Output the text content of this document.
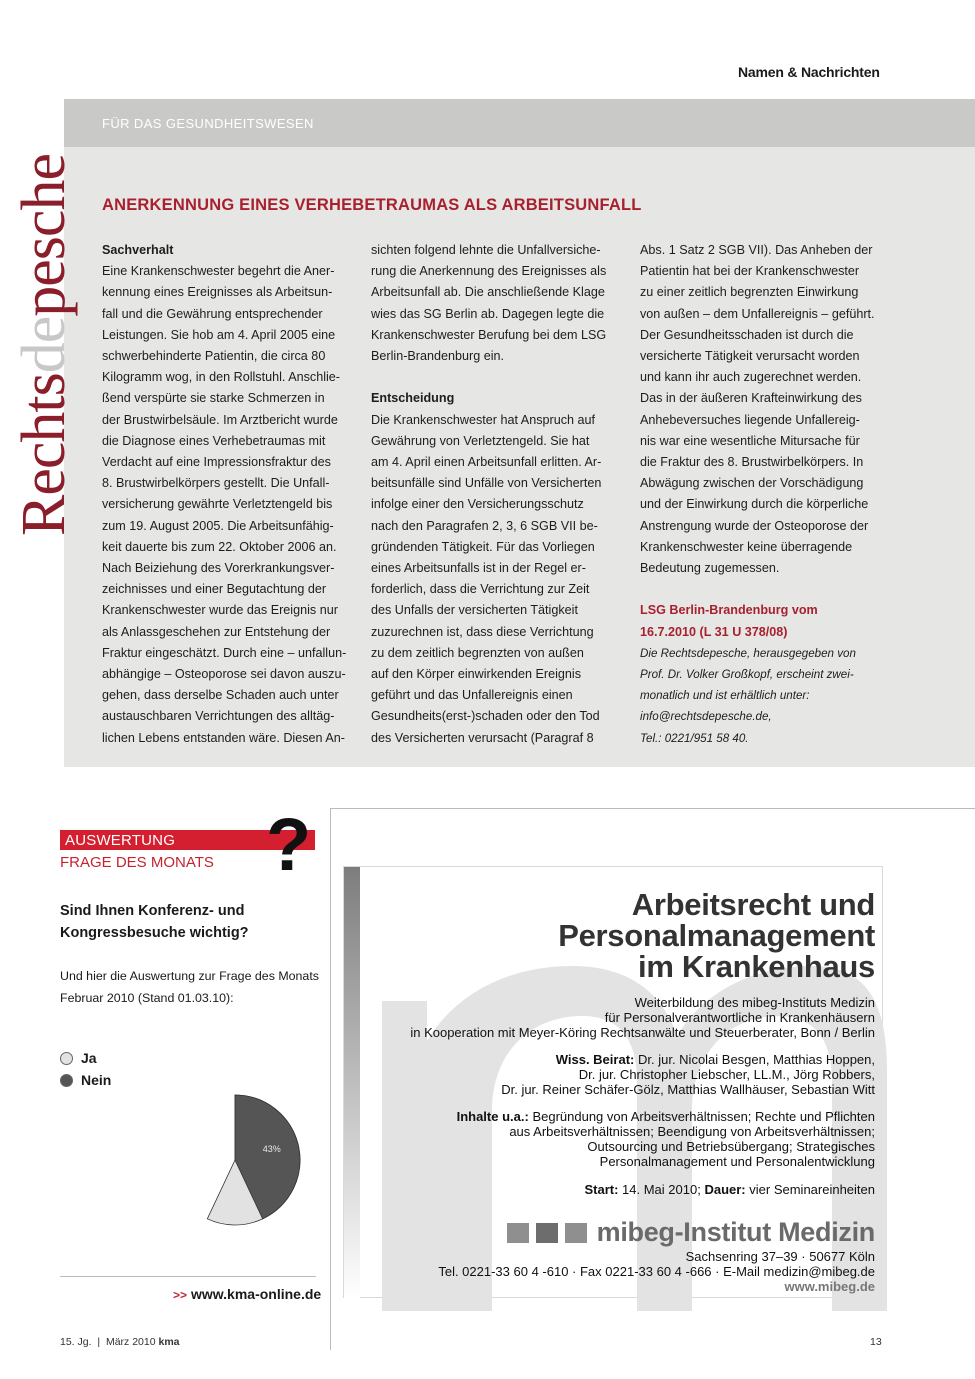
Namen & Nachrichten
FÜR DAS GESUNDHEITSWESEN
Rechtsdepesche ANERKENNUNG EINES VERHEBETRAUMAS ALS ARBEITSUNFALL
Sachverhalt
Eine Krankenschwester begehrt die Aner-
kennung eines Ereignisses als Arbeitsun-
fall und die Gewährung entsprechender
Leistungen. Sie hob am 4. April 2005 eine
schwerbehinderte Patientin, die circa 80
Kilogramm wog, in den Rollstuhl. Anschlie-
ßend verspürte sie starke Schmerzen in
der Brustwirbelsäule. Im Arztbericht wurde
die Diagnose eines Verhebetraumas mit
Verdacht auf eine Impressionsfraktur des
8. Brustwirbelkörpers gestellt. Die Unfall-
versicherung gewährte Verletztengeld bis
zum 19. August 2005. Die Arbeitsunfähig-
keit dauerte bis zum 22. Oktober 2006 an.
Nach Beiziehung des Vorerkrankungsver-
zeichnisses und einer Begutachtung der
Krankenschwester wurde das Ereignis nur
als Anlassgeschehen zur Entstehung der
Fraktur eingeschätzt. Durch eine – unfallun-
abhängige – Osteoporose sei davon auszu-
gehen, dass derselbe Schaden auch unter
austauschbaren Verrichtungen des alltäg-
lichen Lebens entstanden wäre. Diesen An-
sichten folgend lehnte die Unfallversiche-
rung die Anerkennung des Ereignisses als
Arbeitsunfall ab. Die anschließende Klage
wies das SG Berlin ab. Dagegen legte die
Krankenschwester Berufung bei dem LSG
Berlin-Brandenburg ein.
Entscheidung
Die Krankenschwester hat Anspruch auf
Gewährung von Verletztengeld. Sie hat
am 4. April einen Arbeitsunfall erlitten. Ar-
beitsunfälle sind Unfälle von Versicherten
infolge einer den Versicherungsschutz
nach den Paragrafen 2, 3, 6 SGB VII be-
gründenden Tätigkeit. Für das Vorliegen
eines Arbeitsunfalls ist in der Regel er-
forderlich, dass die Verrichtung zur Zeit
des Unfalls der versicherten Tätigkeit
zuzurechnen ist, dass diese Verrichtung
zu dem zeitlich begrenzten von außen
auf den Körper einwirkenden Ereignis
geführt und das Unfallereignis einen
Gesundheits(erst-)schaden oder den Tod
des Versicherten verursacht (Paragraf 8
Abs. 1 Satz 2 SGB VII). Das Anheben der
Patientin hat bei der Krankenschwester
zu einer zeitlich begrenzten Einwirkung
von außen – dem Unfallereignis – geführt.
Der Gesundheitsschaden ist durch die
versicherte Tätigkeit verursacht worden
und kann ihr auch zugerechnet werden.
Das in der äußeren Krafteinwirkung des
Anhebeversuches liegende Unfallereig-
nis war eine wesentliche Mitursache für
die Fraktur des 8. Brustwirbelkörpers. In
Abwägung zwischen der Vorschädigung
und der Einwirkung durch die körperliche
Anstrengung wurde der Osteoporose der
Krankenschwester keine überragende
Bedeutung zugemessen.
LSG Berlin-Brandenburg vom
16.7.2010 (L 31 U 378/08)
Die Rechtsdepesche, herausgegeben von
Prof. Dr. Volker Großkopf, erscheint zwei-
monatlich und ist erhältlich unter:
info@rechtsdepesche.de,
Tel.: 0221/951 58 40.
AUSWERTUNG
FRAGE DES MONATS ?
Sind Ihnen Konferenz- und Kongressbesuche wichtig?
Und hier die Auswertung zur Frage des Monats Februar 2010 (Stand 01.03.10):
Ja
Nein
43%
>> www.kma-online.de
Arbeitsrecht und
Personalmanagement
im Krankenhaus
Weiterbildung des mibeg-Instituts Medizin
für Personalverantwortliche in Krankenhäusern
in Kooperation mit Meyer-Köring Rechtsanwälte und Steuerberater, Bonn / Berlin
Wiss. Beirat: Dr. jur. Nicolai Besgen, Matthias Hoppen,
Dr. jur. Christopher Liebscher, LL.M., Jörg Robbers,
Dr. jur. Reiner Schäfer-Gölz, Matthias Wallhäuser, Sebastian Witt
Inhalte u.a.: Begründung von Arbeitsverhältnissen; Rechte und Pflichten
aus Arbeitsverhältnissen; Beendigung von Arbeitsverhältnissen;
Outsourcing und Betriebsübergang; Strategisches
Personalmanagement und Personalentwicklung
Start: 14. Mai 2010; Dauer: vier Seminareinheiten
mibeg-Institut Medizin
Sachsenring 37–39 · 50677 Köln
Tel. 0221-33 60 4 -610 · Fax 0221-33 60 4 -666 · E-Mail medizin@mibeg.de
www.mibeg.de
15. Jg. | März 2010 kma	13
